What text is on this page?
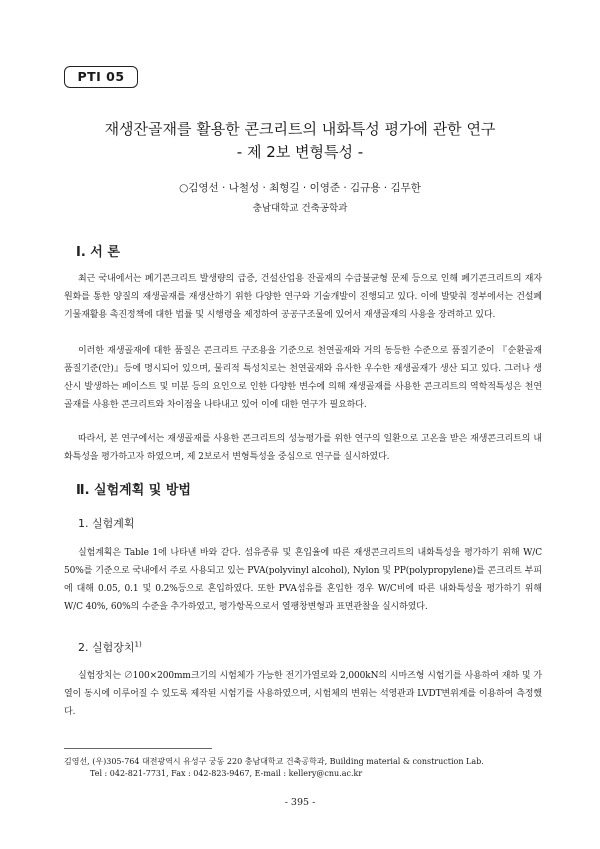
PTI 05
재생잔골재를 활용한 콘크리트의 내화특성 평가에 관한 연구
- 제 2보 변형특성 -
○김영선 · 나철성 · 최형길 · 이영준 · 김규용 · 김무한
충남대학교 건축공학과
Ⅰ. 서 론

최근 국내에서는 폐기콘크리트 발생량의 급증, 건설산업용 잔골재의 수급불균형 문제 등으로 인해 폐기콘크리트의 재자원화를 통한 양질의 재생골재를 재생산하기 위한 다양한 연구와 기술개발이 진행되고 있다. 이에 발맞춰 정부에서는 건설폐기물재활용 촉진정책에 대한 법률 및 시행령을 제정하여 공공구조물에 있어서 재생골재의 사용을 장려하고 있다.

이러한 재생골재에 대한 품질은 콘크리트 구조용을 기준으로 천연골재와 거의 동등한 수준으로 품질기준이 『순환골재 품질기준(안)』등에 명시되어 있으며, 물리적 특성치로는 천연골재와 유사한 우수한 재생골재가 생산 되고 있다. 그러나 생산시 발생하는 페이스트 및 미분 등의 요인으로 인한 다양한 변수에 의해 재생골재를 사용한 콘크리트의 역학적특성은 천연골재를 사용한 콘크리트와 차이점을 나타내고 있어 이에 대한 연구가 필요하다.

따라서, 본 연구에서는 재생골재를 사용한 콘크리트의 성능평가를 위한 연구의 일환으로 고온을 받은 재생콘크리트의 내화특성을 평가하고자 하였으며, 제 2보로서 변형특성을 중심으로 연구를 실시하였다.

Ⅱ. 실험계획 및 방법
1. 실험계획

실험계획은 Table 1에 나타낸 바와 같다. 섬유종류 및 혼입율에 따른 재생콘크리트의 내화특성을 평가하기 위해 W/C 50%를 기준으로 국내에서 주로 사용되고 있는 PVA(polyvinyl alcohol), Nylon 및 PP(polypropylene)를 콘크리트 부피에 대해 0.05, 0.1 및 0.2%등으로 혼입하였다. 또한 PVA섬유를 혼입한 경우 W/C비에 따른 내화특성을 평가하기 위해 W/C 40%, 60%의 수준을 추가하였고, 평가항목으로서 열팽창변형과 표면관찰을 실시하였다.

2. 실험장치$^{1)}$

실험장치는 ∅100×200mm크기의 시험체가 가능한 전기가열로와 2,000kN의 시마즈형 시험기를 사용하여 재하 및 가열이 동시에 이루어질 수 있도록 제작된 시험기를 사용하였으며, 시험체의 변위는 석영관과 LVDT변위계를 이용하여 측정했다.

김영선, (우)305-764 대전광역시 유성구 궁동 220 충남대학교 건축공학과, Building material & construction Lab.
Tel : 042-821-7731, Fax : 042-823-9467, E-mail : kellery@cnu.ac.kr
- 395 -
